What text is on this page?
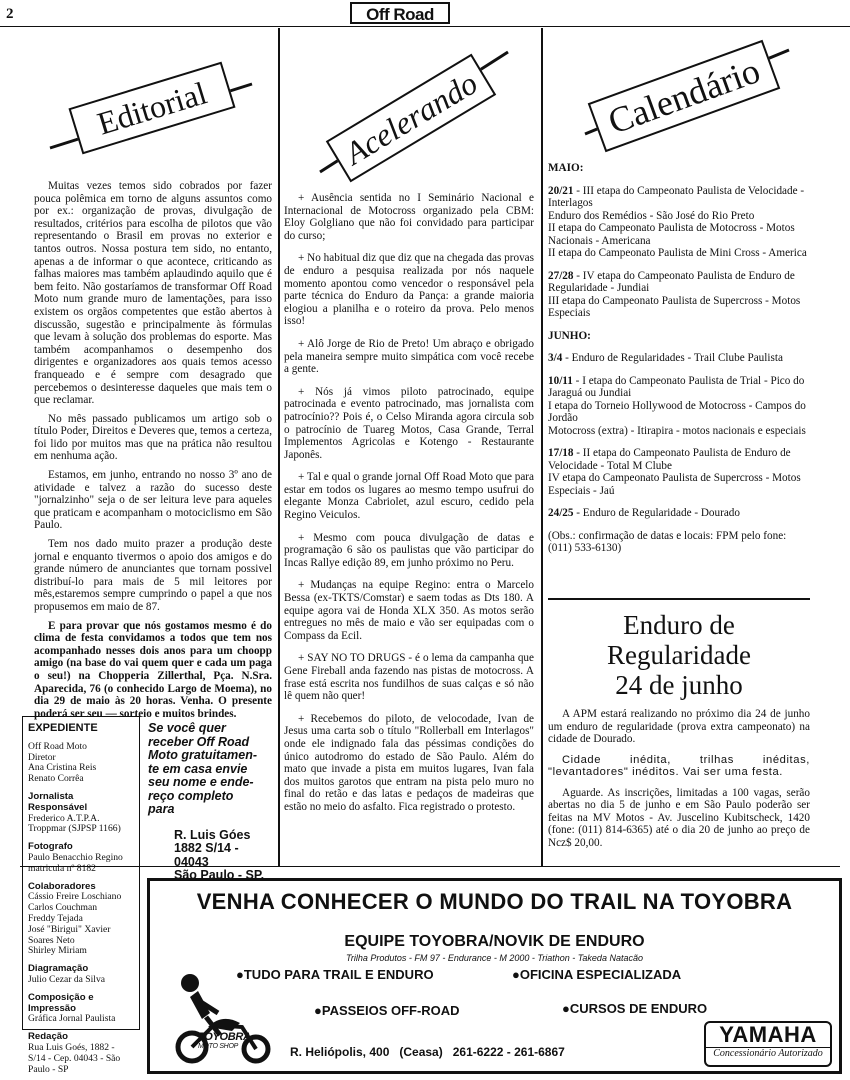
2	Off Road
Editorial

Muitas vezes temos sido cobrados por fazer pouca polêmica em torno de alguns assuntos como por ex.: organização de provas, divulgação de resultados, critérios para escolha de pilotos que vão representando o Brasil em provas no exterior e tantos outros. Nossa postura tem sido, no entanto, apenas a de informar o que acontece, criticando as falhas maiores mas também aplaudindo aquilo que é bem feito. Não gostaríamos de transformar Off Road Moto num grande muro de lamentações, para isso existem os orgãos competentes que estão abertos à discussão, sugestão e principalmente às fórmulas que levam à solução dos problemas do esporte. Mas também acompanhamos o desempenho dos dirigentes e organizadores aos quais temos acesso franqueado e é sempre com desagrado que percebemos o desinteresse daqueles que mais tem o que reclamar.

No mês passado publicamos um artigo sob o título Poder, Direitos e Deveres que, temos a certeza, foi lido por muitos mas que na prática não resultou em nenhuma ação.

Estamos, em junho, entrando no nosso 3º ano de atividade e talvez a razão do sucesso deste "jornalzinho" seja o de ser leitura leve para aqueles que praticam e acompanham o motociclismo em São Paulo.

Tem nos dado muito prazer a produção deste jornal e enquanto tivermos o apoio dos amigos e do grande número de anunciantes que tornam possivel distribuí-lo para mais de 5 mil leitores por mês,estaremos sempre cumprindo o papel a que nos propusemos em maio de 87.

E para provar que nós gostamos mesmo é do clima de festa convidamos a todos que tem nos acompanhado nesses dois anos para um choopp amigo (na base do vai quem quer e cada um paga o seu!) na Chopperia Zillerthal, Pça. N.Sra. Aparecida, 76 (o conhecido Largo de Moema), no dia 29 de maio às 20 horas. Venha. O presente poderá ser seu — sorteio e muitos brindes.

EXPEDIENTE
Off Road Moto
Diretor
Ana Cristina Reis
Renato Corrêa
Jornalista Responsável
Frederico A.T.P.A.
Troppmar (SJPSP 1166)
Fotografo
Paulo Benacchio Regino
matricula nº 8182
Colaboradores
Cássio Freire Loschiano
Carlos Couchman
Freddy Tejada
José "Birigui" Xavier
Soares Neto
Shirley Miriam
Diagramação
Julio Cezar da Silva
Composição e Impressão
Gráfica Jornal Paulista
Redação
Rua Luis Goés, 1882 - S/14 - Cep. 04043 - São Paulo - SP
Se você quer
receber Off Road
Moto gratuitamen-
te em casa envie
seu nome e ende-
reço completo
para
R. Luis Góes
1882 S/14 - 04043
São Paulo - SP.
Acelerando

+ Ausência sentida no I Seminário Nacional e Internacional de Motocross organizado pela CBM: Eloy Golgliano que não foi convidado para participar do curso;

+ No habitual diz que diz que na chegada das provas de enduro a pesquisa realizada por nós naquele momento apontou como vencedor o responsável pela parte técnica do Enduro da Pança: a grande maioria elogiou a planilha e o roteiro da prova. Pelo menos isso!

+ Alô Jorge de Rio de Preto! Um abraço e obrigado pela maneira sempre muito simpática com você recebe a gente.

+ Nós já vimos piloto patrocinado, equipe patrocinada e evento patrocinado, mas jornalista com patrocínio?? Pois é, o Celso Miranda agora circula sob o patrocínio de Tuareg Motos, Casa Grande, Terral Implementos Agricolas e Kotengo - Restaurante Japonês.

+ Tal e qual o grande jornal Off Road Moto que para estar em todos os lugares ao mesmo tempo usufrui do elegante Monza Cabriolet, azul escuro, cedido pela Regino Veiculos.

+ Mesmo com pouca divulgação de datas e programação 6 são os paulistas que vão participar do Incas Rallye edição 89, em junho próximo no Peru.

+ Mudanças na equipe Regino: entra o Marcelo Bessa (ex-TKTS/Comstar) e saem todas as Dts 180. A equipe agora vai de Honda XLX 350. As motos serão entregues no mês de maio e vão ser equipadas com o Compass da Ecil.

+ SAY NO TO DRUGS - é o lema da campanha que Gene Fireball anda fazendo nas pistas de motocross. A frase está escrita nos fundilhos de suas calças e só não lê quem não quer!

+ Recebemos do piloto, de velocodade, Ivan de Jesus uma carta sob o título "Rollerball em Interlagos" onde ele indignado fala das péssimas condições do único autodromo do estado de São Paulo. Além do mato que invade a pista em muitos lugares, Ivan fala dos muitos garotos que entram na pista pelo muro no final do retão e das latas e pedaços de madeiras que estão no meio do asfalto. Fica registrado o protesto.

Calendário
MAIO:
20/21 - III etapa do Campeonato Paulista de Velocidade - Interlagos
Enduro dos Remédios - São José do Rio Preto
II etapa do Campeonato Paulista de Motocross - Motos Nacionais - Americana
II etapa do Campeonato Paulista de Mini Cross - America
27/28 - IV etapa do Campeonato Paulista de Enduro de Regularidade - Jundiai
III etapa do Campeonato Paulista de Supercross - Motos Especiais
JUNHO:
3/4 - Enduro de Regularidades - Trail Clube Paulista
10/11 - I etapa do Campeonato Paulista de Trial - Pico do Jaraguá ou Jundiai
I etapa do Torneio Hollywood de Motocross - Campos do Jordão
Motocross (extra) - Itirapira - motos nacionais e especiais
17/18 - II etapa do Campeonato Paulista de Enduro de Velocidade - Total M Clube
IV etapa do Campeonato Paulista de Supercross - Motos Especiais - Jaú
24/25 - Enduro de Regularidade - Dourado
(Obs.: confirmação de datas e locais: FPM pelo fone: (011) 533-6130)
Enduro de
Regularidade
24 de junho

A APM estará realizando no próximo dia 24 de junho um enduro de regularidade (prova extra campeonato) na cidade de Dourado.

Cidade inédita, trilhas inéditas, "levantadores" inéditos. Vai ser uma festa.

Aguarde. As inscrições, limitadas a 100 vagas, serão abertas no dia 5 de junho e em São Paulo poderão ser feitas na MV Motos - Av. Juscelino Kubitscheck, 1420 (fone: (011) 814-6365) até o dia 20 de junho ao preço de Ncz$ 20,00.

VENHA CONHECER O MUNDO DO TRAIL NA TOYOBRA
EQUIPE TOYOBRA/NOVIK DE ENDURO
Trilha Produtos - FM 97 - Endurance - M 2000 - Triathon - Takeda Natacão
●TUDO PARA TRAIL E ENDURO	●OFICINA ESPECIALIZADA
●PASSEIOS OFF-ROAD	●CURSOS DE ENDURO
R. Heliópolis, 400   (Ceasa)   261-6222 - 261-6867
TOYOBRA
MOTO SHOP	YAMAHA
Concessionário Autorizado
